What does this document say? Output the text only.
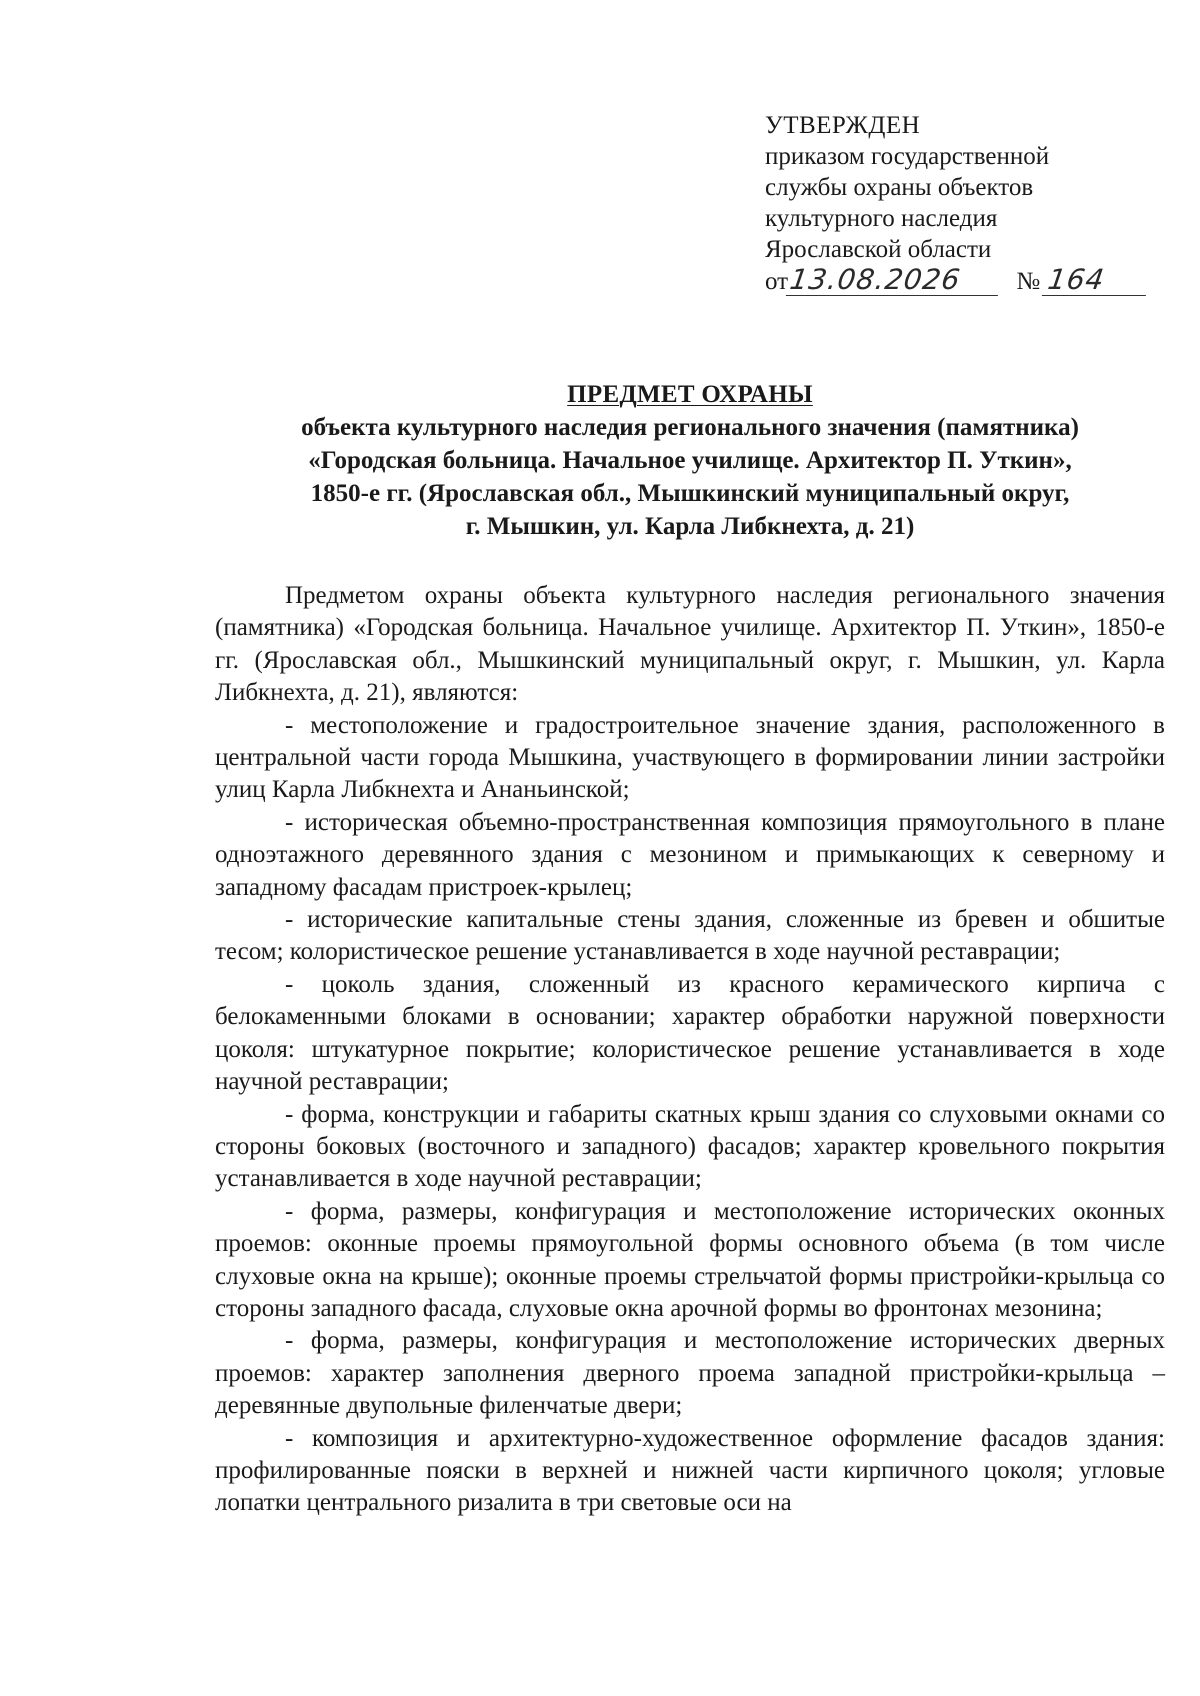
УТВЕРЖДЕН
приказом государственной
службы охраны объектов
культурного наследия
Ярославской области
от13.08.2026 № 164
ПРЕДМЕТ ОХРАНЫ
объекта культурного наследия регионального значения (памятника)
«Городская больница. Начальное училище. Архитектор П. Уткин»,
1850-е гг. (Ярославская обл., Мышкинский муниципальный округ,
г. Мышкин, ул. Карла Либкнехта, д. 21)

Предметом охраны объекта культурного наследия регионального значения (памятника) «Городская больница. Начальное училище. Архитектор П. Уткин», 1850-е гг. (Ярославская обл., Мышкинский муниципальный округ, г. Мышкин, ул. Карла Либкнехта, д. 21), являются:

- местоположение и градостроительное значение здания, расположенного в центральной части города Мышкина, участвующего в формировании линии застройки улиц Карла Либкнехта и Ананьинской;

- историческая объемно-пространственная композиция прямоугольного в плане одноэтажного деревянного здания с мезонином и примыкающих к северному и западному фасадам пристроек-крылец;

- исторические капитальные стены здания, сложенные из бревен и обшитые тесом; колористическое решение устанавливается в ходе научной реставрации;

- цоколь здания, сложенный из красного керамического кирпича с белокаменными блоками в основании; характер обработки наружной поверхности цоколя: штукатурное покрытие; колористическое решение устанавливается в ходе научной реставрации;

- форма, конструкции и габариты скатных крыш здания со слуховыми окнами со стороны боковых (восточного и западного) фасадов; характер кровельного покрытия устанавливается в ходе научной реставрации;

- форма, размеры, конфигурация и местоположение исторических оконных проемов: оконные проемы прямоугольной формы основного объема (в том числе слуховые окна на крыше); оконные проемы стрельчатой формы пристройки-крыльца со стороны западного фасада, слуховые окна арочной формы во фронтонах мезонина;

- форма, размеры, конфигурация и местоположение исторических дверных проемов: характер заполнения дверного проема западной пристройки-крыльца – деревянные двупольные филенчатые двери;

- композиция и архитектурно-художественное оформление фасадов здания: профилированные пояски в верхней и нижней части кирпичного цоколя; угловые лопатки центрального ризалита в три световые оси на
